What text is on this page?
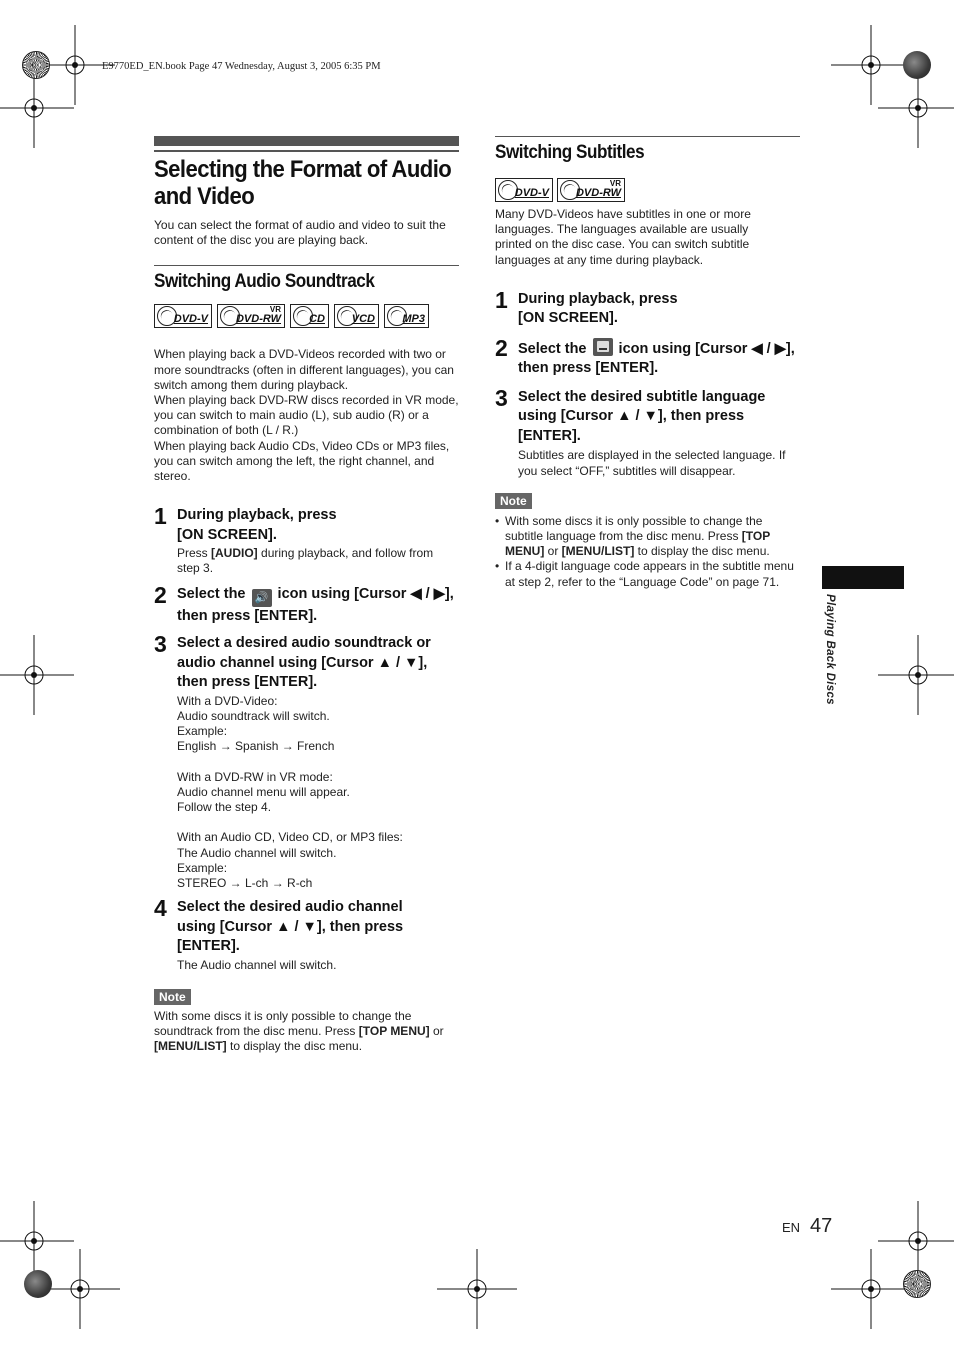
E9770ED_EN.book Page 47 Wednesday, August 3, 2005 6:35 PM
Selecting the Format of Audio and Video

You can select the format of audio and video to suit the content of the disc you are playing back.

Switching Audio Soundtrack
DVD-V
VR
DVD-RW	CD VCD MP3

When playing back a DVD-Videos recorded with two or more soundtracks (often in different languages), you can switch among them during playback.

When playing back DVD-RW discs recorded in VR mode, you can switch to main audio (L), sub audio (R) or a combination of both (L / R.)

When playing back Audio CDs, Video CDs or MP3 files, you can switch among the left, the right channel, and stereo.

1 During playback, press [ON SCREEN].
Press [AUDIO] during playback, and follow from step 3.
2 Select the 🔊 icon using [Cursor ◀ / ▶], then press [ENTER].
3 Select a desired audio soundtrack or audio channel using [Cursor ▲ / ▼], then press [ENTER].
With a DVD-Video:
Audio soundtrack will switch.
Example:
English → Spanish → French
With a DVD-RW in VR mode:
Audio channel menu will appear.
Follow the step 4.
With an Audio CD, Video CD, or MP3 files:
The Audio channel will switch.
Example:
STEREO → L-ch → R-ch
4 Select the desired audio channel using [Cursor ▲ / ▼], then press [ENTER].
The Audio channel will switch.
Note

With some discs it is only possible to change the soundtrack from the disc menu. Press [TOP MENU] or [MENU/LIST] to display the disc menu.

Switching Subtitles
DVD-V
VR
DVD-RW

Many DVD-Videos have subtitles in one or more languages. The languages available are usually printed on the disc case. You can switch subtitle languages at any time during playback.

1 During playback, press [ON SCREEN].
2 Select the  icon using [Cursor ◀ / ▶], then press [ENTER].
3 Select the desired subtitle language using [Cursor ▲ / ▼], then press [ENTER].
Subtitles are displayed in the selected language. If you select “OFF,” subtitles will disappear.
Note

• With some discs it is only possible to change the subtitle language from the disc menu. Press [TOP MENU] or [MENU/LIST] to display the disc menu.

• If a 4-digit language code appears in the subtitle menu at step 2, refer to the “Language Code” on page 71.

Playing Back Discs
EN 47
